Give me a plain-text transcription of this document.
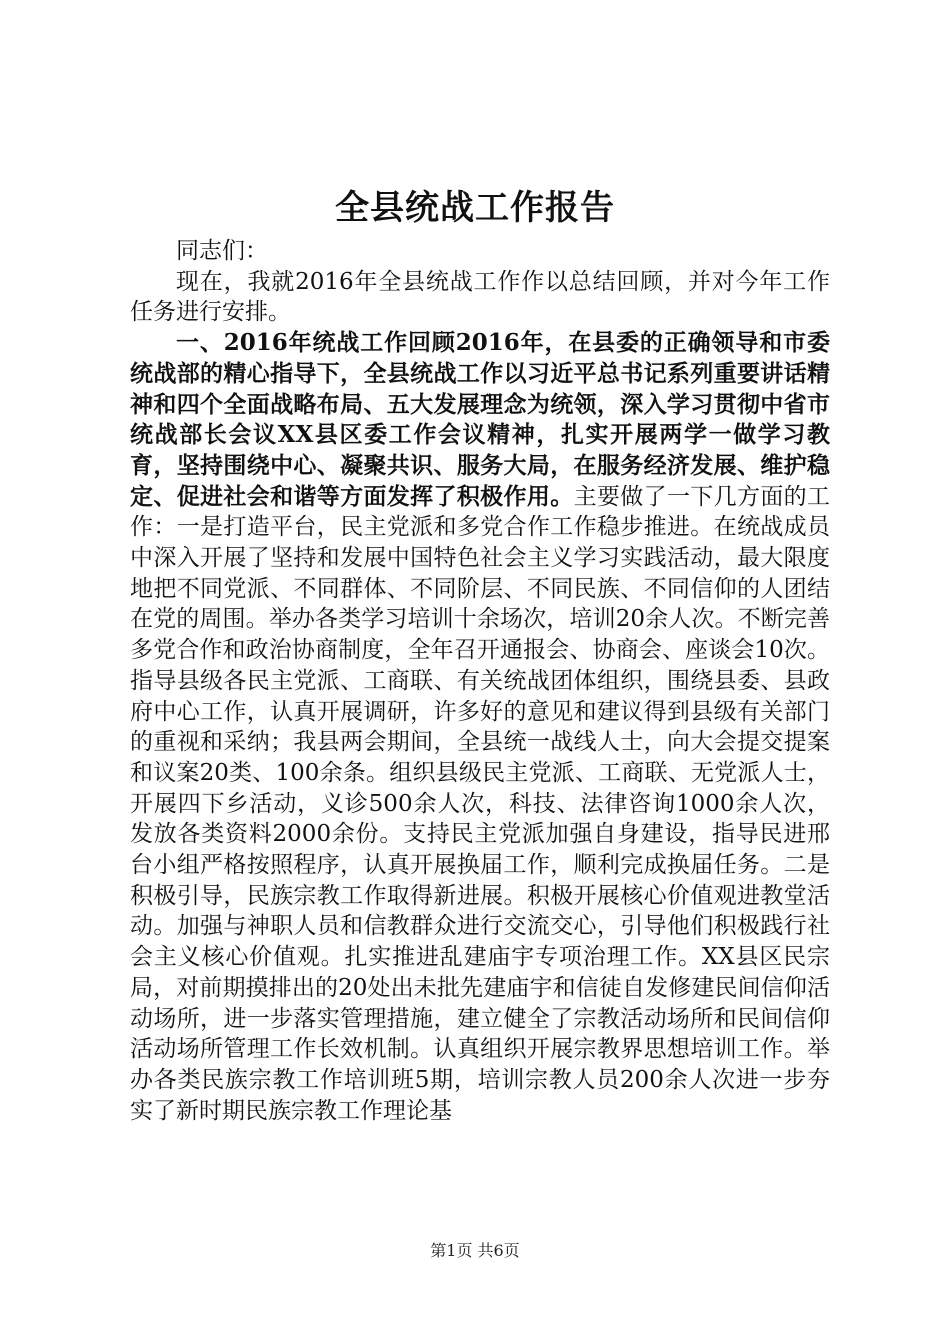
全县统战工作报告

同志们：

现在，我就2016年全县统战工作作以总结回顾，并对今年工作任务进行安排。

一、2016年统战工作回顾2016年，在县委的正确领导和市委统战部的精心指导下，全县统战工作以习近平总书记系列重要讲话精神和四个全面战略布局、五大发展理念为统领，深入学习贯彻中省市统战部长会议XX县区委工作会议精神，扎实开展两学一做学习教育，坚持围绕中心、凝聚共识、服务大局，在服务经济发展、维护稳定、促进社会和谐等方面发挥了积极作用。主要做了一下几方面的工作：一是打造平台，民主党派和多党合作工作稳步推进。在统战成员中深入开展了坚持和发展中国特色社会主义学习实践活动，最大限度地把不同党派、不同群体、不同阶层、不同民族、不同信仰的人团结在党的周围。举办各类学习培训十余场次，培训20余人次。不断完善多党合作和政治协商制度，全年召开通报会、协商会、座谈会10次。指导县级各民主党派、工商联、有关统战团体组织，围绕县委、县政府中心工作，认真开展调研，许多好的意见和建议得到县级有关部门的重视和采纳；我县两会期间，全县统一战线人士，向大会提交提案和议案20类、100余条。组织县级民主党派、工商联、无党派人士，开展四下乡活动，义诊500余人次，科技、法律咨询1000余人次，发放各类资料2000余份。支持民主党派加强自身建设，指导民进邢台小组严格按照程序，认真开展换届工作，顺利完成换届任务。二是积极引导，民族宗教工作取得新进展。积极开展核心价值观进教堂活动。加强与神职人员和信教群众进行交流交心，引导他们积极践行社会主义核心价值观。扎实推进乱建庙宇专项治理工作。XX县区民宗局，对前期摸排出的20处出未批先建庙宇和信徒自发修建民间信仰活动场所，进一步落实管理措施，建立健全了宗教活动场所和民间信仰活动场所管理工作长效机制。认真组织开展宗教界思想培训工作。举办各类民族宗教工作培训班5期，培训宗教人员200余人次进一步夯实了新时期民族宗教工作理论基

第1页 共6页
